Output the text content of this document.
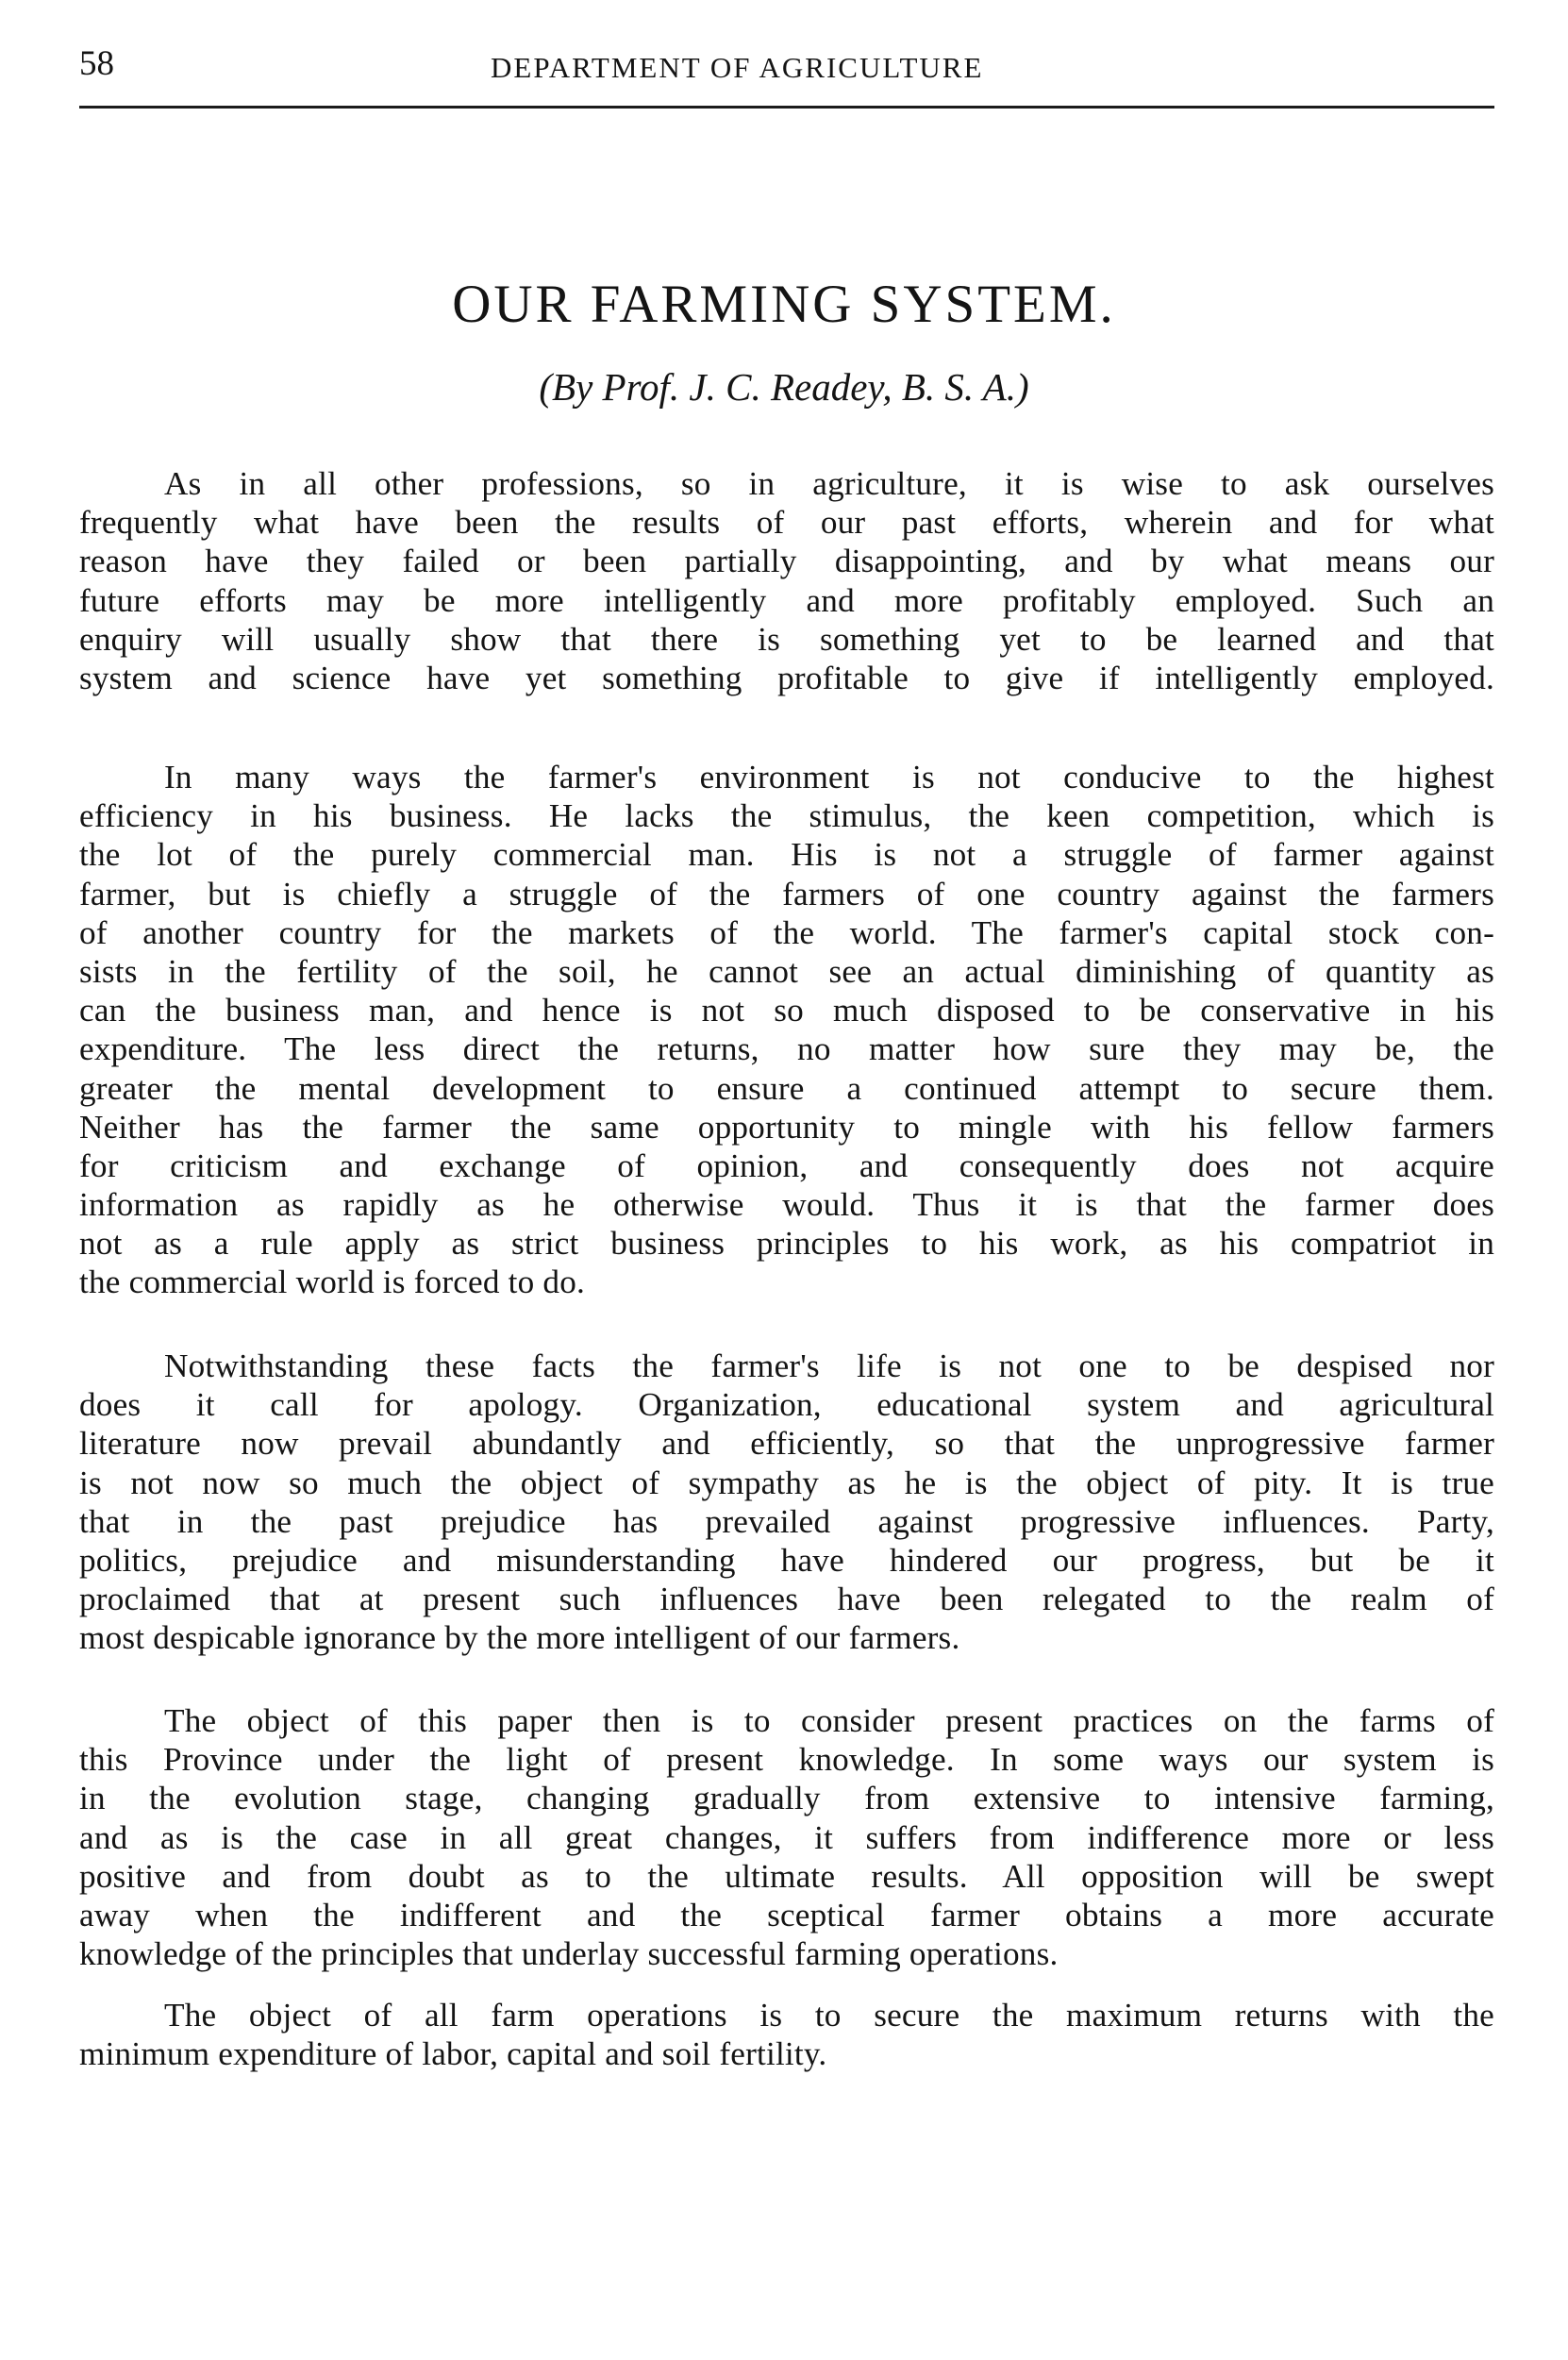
58	DEPARTMENT OF AGRICULTURE
OUR FARMING SYSTEM.
(By Prof. J. C. Readey, B. S. A.)
As in all other professions, so in agriculture, it is wise to ask ourselves
frequently what have been the results of our past efforts, wherein and for what
reason have they failed or been partially disappointing, and by what means our
future efforts may be more intelligently and more profitably employed. Such an
enquiry will usually show that there is something yet to be learned and that
system and science have yet something profitable to give if intelligently employed.
In many ways the farmer's environment is not conducive to the highest
efficiency in his business. He lacks the stimulus, the keen competition, which is
the lot of the purely commercial man. His is not a struggle of farmer against
farmer, but is chiefly a struggle of the farmers of one country against the farmers
of another country for the markets of the world. The farmer's capital stock con-
sists in the fertility of the soil, he cannot see an actual diminishing of quantity as
can the business man, and hence is not so much disposed to be conservative in his
expenditure. The less direct the returns, no matter how sure they may be, the
greater the mental development to ensure a continued attempt to secure them.
Neither has the farmer the same opportunity to mingle with his fellow farmers
for criticism and exchange of opinion, and consequently does not acquire
information as rapidly as he otherwise would. Thus it is that the farmer does
not as a rule apply as strict business principles to his work, as his compatriot in
the commercial world is forced to do.
Notwithstanding these facts the farmer's life is not one to be despised nor
does it call for apology. Organization, educational system and agricultural
literature now prevail abundantly and efficiently, so that the unprogressive farmer
is not now so much the object of sympathy as he is the object of pity. It is true
that in the past prejudice has prevailed against progressive influences. Party,
politics, prejudice and misunderstanding have hindered our progress, but be it
proclaimed that at present such influences have been relegated to the realm of
most despicable ignorance by the more intelligent of our farmers.
The object of this paper then is to consider present practices on the farms of
this Province under the light of present knowledge. In some ways our system is
in the evolution stage, changing gradually from extensive to intensive farming,
and as is the case in all great changes, it suffers from indifference more or less
positive and from doubt as to the ultimate results. All opposition will be swept
away when the indifferent and the sceptical farmer obtains a more accurate
knowledge of the principles that underlay successful farming operations.
The object of all farm operations is to secure the maximum returns with the
minimum expenditure of labor, capital and soil fertility.
